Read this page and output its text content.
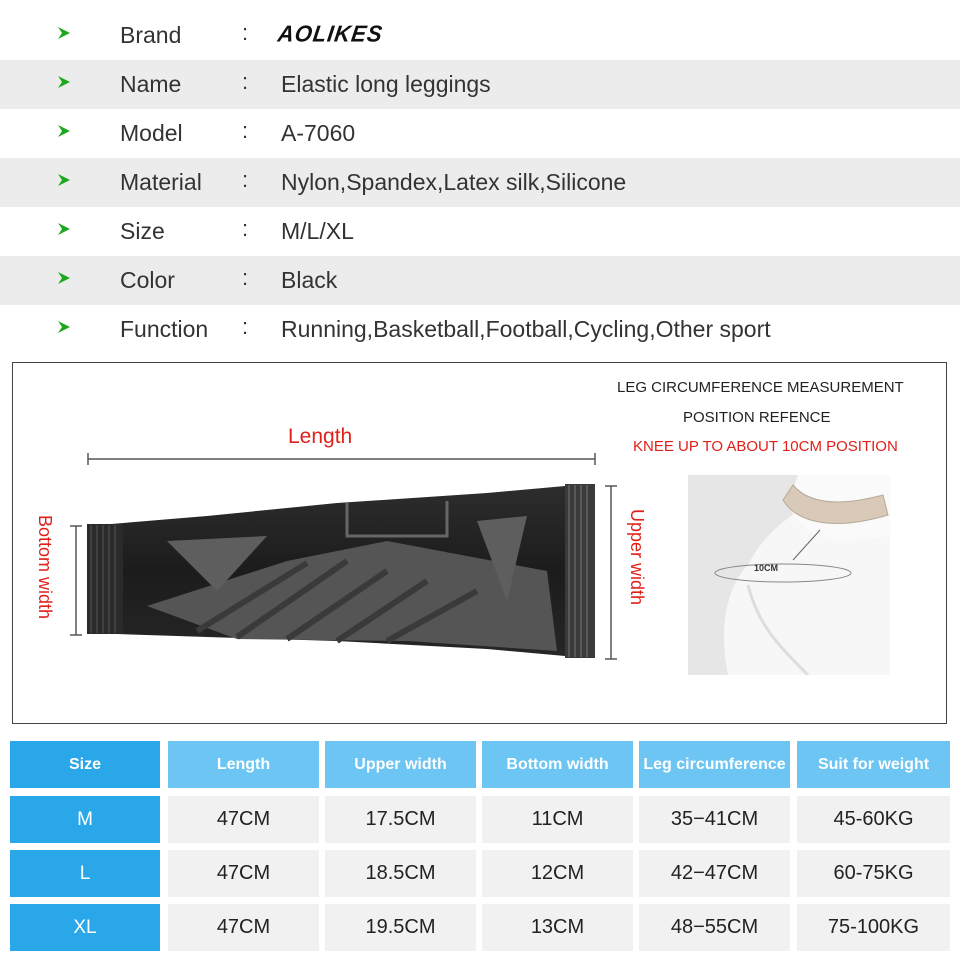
Brand	: AOLIKES
Name	: Elastic long leggings
Model	: A-7060
Material : Nylon,Spandex,Latex silk,Silicone
Size	: M/L/XL
Color	: Black
Function : Running,Basketball,Football,Cycling,Other sport
Length
Bottom width	Upper width
LEG CIRCUMFERENCE MEASUREMENT
POSITION REFENCE
KNEE UP TO ABOUT 10CM POSITION
10CM
Size	Length	Upper width	Bottom width	Leg circumference	Suit for weight
M	47CM	17.5CM	11CM	35−41CM	45-60KG
L	47CM	18.5CM	12CM	42−47CM	60-75KG
XL	47CM	19.5CM	13CM	48−55CM	75-100KG
